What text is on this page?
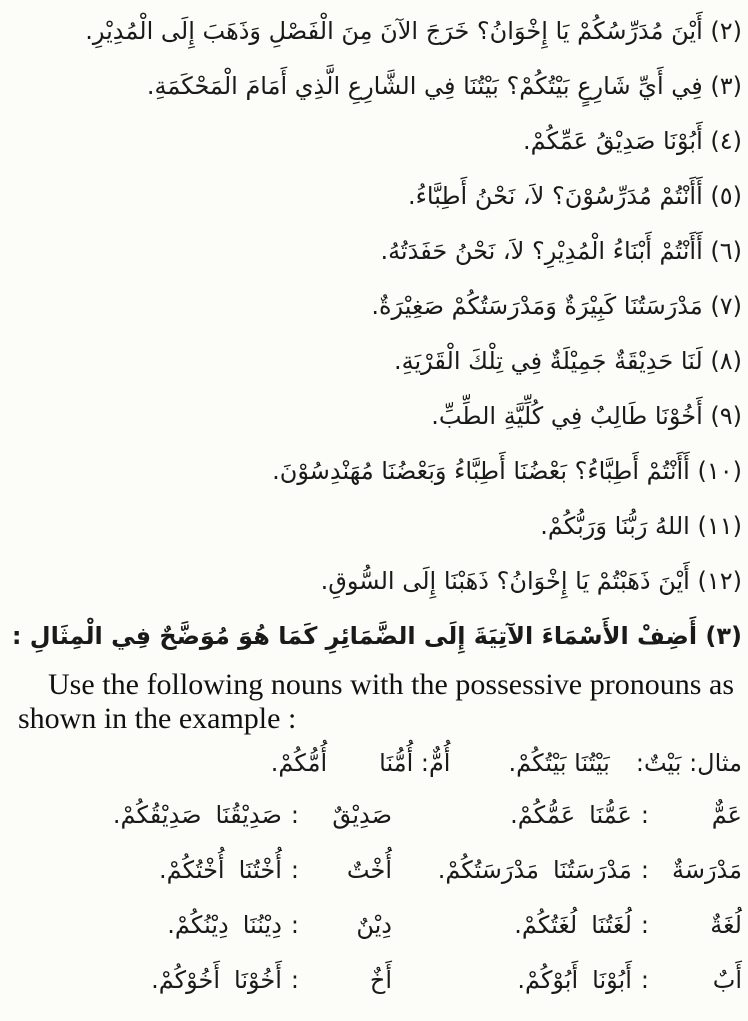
(٢) أَيْنَ مُدَرِّسُكُمْ يَا إِخْوَانُ؟ خَرَجَ الآنَ مِنَ الْفَصْلِ وَذَهَبَ إِلَى الْمُدِيْرِ.
(٣) فِي أَيِّ شَارِعٍ بَيْتُكُمْ؟ بَيْتُنَا فِي الشَّارِعِ الَّذِي أَمَامَ الْمَحْكَمَةِ.
(٤) أَبُوْنَا صَدِيْقُ عَمِّكُمْ.
(٥) أَأَنْتُمْ مُدَرِّسُوْنَ؟ لاَ، نَحْنُ أَطِبَّاءُ.
(٦) أَأَنْتُمْ أَبْنَاءُ الْمُدِيْرِ؟ لاَ، نَحْنُ حَفَدَتُهُ.
(٧) مَدْرَسَتُنَا كَبِيْرَةٌ وَمَدْرَسَتُكُمْ صَغِيْرَةٌ.
(٨) لَنَا حَدِيْقَةٌ جَمِيْلَةٌ فِي تِلْكَ الْقَرْيَةِ.
(٩) أَخُوْنَا طَالِبٌ فِي كُلِّيَّةِ الطِّبِّ.
(١٠) أَأَنْتُمْ أَطِبَّاءُ؟ بَعْضُنَا أَطِبَّاءُ وَبَعْضُنَا مُهَنْدِسُوْنَ.
(١١) اللهُ رَبُّنَا وَرَبُّكُمْ.
(١٢) أَيْنَ ذَهَبْتُمْ يَا إِخْوَانُ؟ ذَهَبْنَا إِلَى السُّوقِ.
(٣) أَضِفْ الأَسْمَاءَ الآتِيَةَ إِلَى الضَّمَائِرِ كَمَا هُوَ مُوَضَّحٌ فِي الْمِثَالِ :
Use the following nouns with the possessive pronouns as
shown in the example :
مثال: بَيْتٌ:
بَيْتُنَا بَيْتُكُمْ.
أُمٌّ: أُمُّنَا
أُمُّكُمْ.
عَمٌّ
:
عَمُّنَا
عَمُّكُمْ.
مَدْرَسَةٌ
:
مَدْرَسَتُنَا
مَدْرَسَتُكُمْ.
لُغَةٌ
:
لُغَتُنَا
لُغَتُكُمْ.
أَبٌ
:
أَبُوْنَا
أَبُوْكُمْ.
صَدِيْقٌ
:
صَدِيْقُنَا
صَدِيْقُكُمْ.
أُخْتٌ
:
أُخْتُنَا
أُخْتُكُمْ.
دِيْنٌ
:
دِيْنُنَا
دِيْنُكُمْ.
أَخٌ
:
أَخُوْنَا
أَخُوْكُمْ.
